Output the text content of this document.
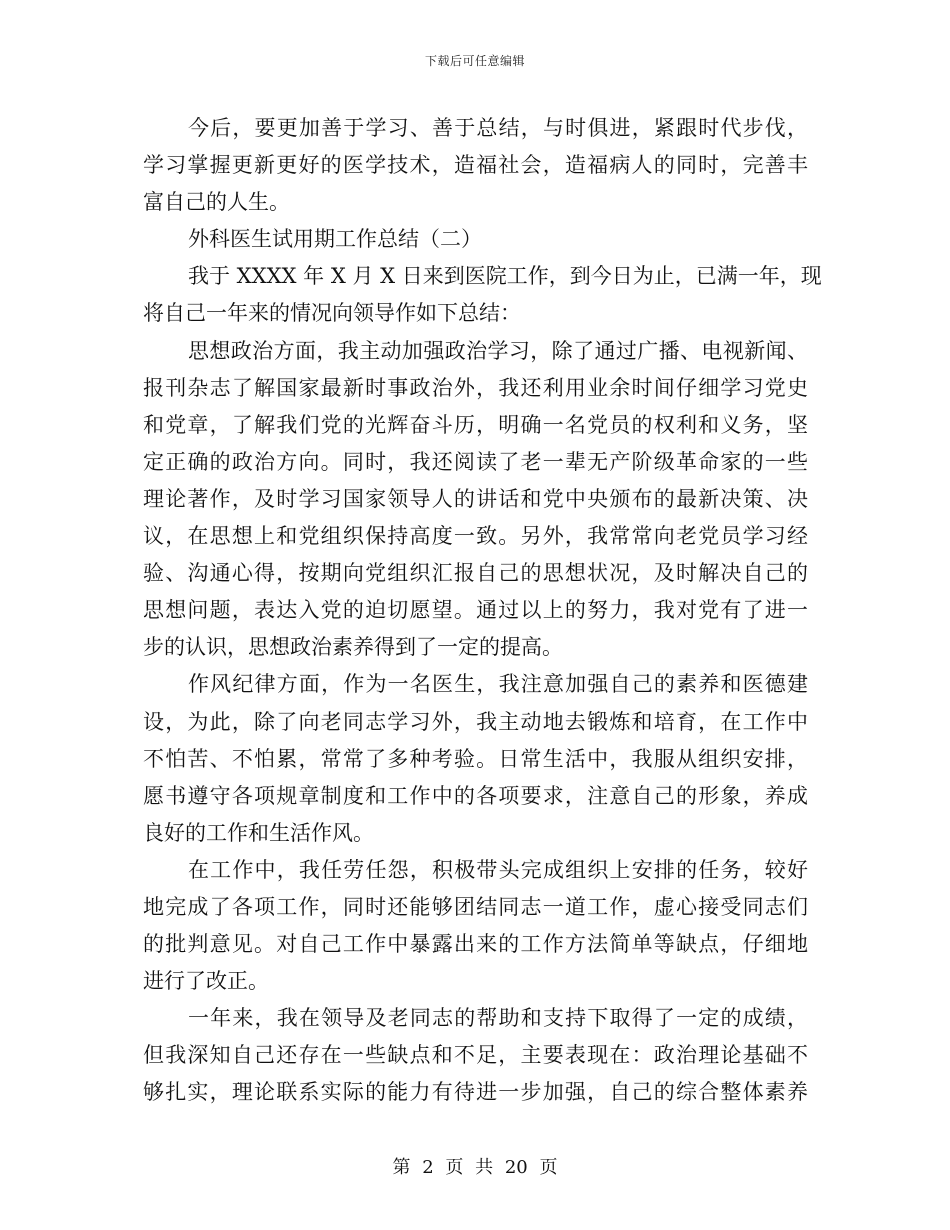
下载后可任意编辑
今后，要更加善于学习、善于总结，与时俱进，紧跟时代步伐，
学习掌握更新更好的医学技术，造福社会，造福病人的同时，完善丰
富自己的人生。
外科医生试用期工作总结（二）
我于 XXXX 年 X 月 X 日来到医院工作，到今日为止，已满一年，现
将自己一年来的情况向领导作如下总结：
思想政治方面，我主动加强政治学习，除了通过广播、电视新闻、
报刊杂志了解国家最新时事政治外，我还利用业余时间仔细学习党史
和党章，了解我们党的光辉奋斗历，明确一名党员的权利和义务，坚
定正确的政治方向。同时，我还阅读了老一辈无产阶级革命家的一些
理论著作，及时学习国家领导人的讲话和党中央颁布的最新决策、决
议，在思想上和党组织保持高度一致。另外，我常常向老党员学习经
验、沟通心得，按期向党组织汇报自己的思想状况，及时解决自己的
思想问题，表达入党的迫切愿望。通过以上的努力，我对党有了进一
步的认识，思想政治素养得到了一定的提高。
作风纪律方面，作为一名医生，我注意加强自己的素养和医德建
设，为此，除了向老同志学习外，我主动地去锻炼和培育，在工作中
不怕苦、不怕累，常常了多种考验。日常生活中，我服从组织安排，
愿书遵守各项规章制度和工作中的各项要求，注意自己的形象，养成
良好的工作和生活作风。
在工作中，我任劳任怨，积极带头完成组织上安排的任务，较好
地完成了各项工作，同时还能够团结同志一道工作，虚心接受同志们
的批判意见。对自己工作中暴露出来的工作方法简单等缺点，仔细地
进行了改正。
一年来，我在领导及老同志的帮助和支持下取得了一定的成绩，
但我深知自己还存在一些缺点和不足，主要表现在：政治理论基础不
够扎实，理论联系实际的能力有待进一步加强，自己的综合整体素养
第 2 页 共 20 页
